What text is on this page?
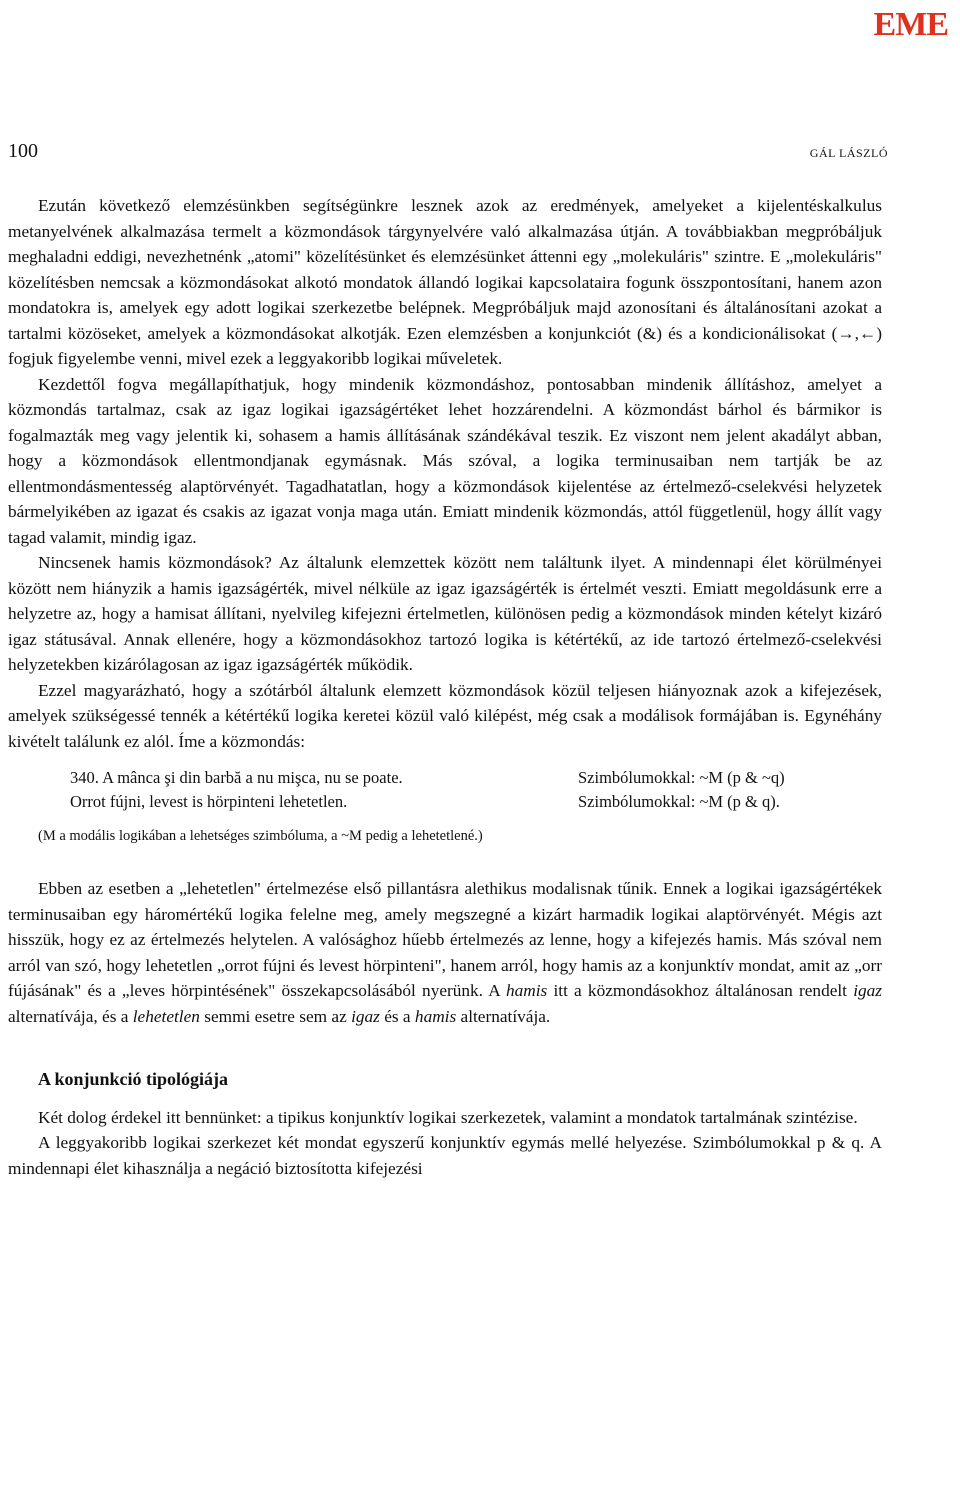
EME
100	GÁL LÁSZLÓ

Ezután következő elemzésünkben segítségünkre lesznek azok az eredmények, amelyeket a kijelentéskalkulus metanyelvének alkalmazása termelt a közmondások tárgynyelvére való alkalmazása útján. A továbbiakban megpróbáljuk meghaladni eddigi, nevezhetnénk „atomi" közelítésünket és elemzésünket áttenni egy „molekuláris" szintre. E „molekuláris" közelítésben nemcsak a közmondásokat alkotó mondatok állandó logikai kapcsolataira fogunk összpontosítani, hanem azon mondatokra is, amelyek egy adott logikai szerkezetbe belépnek. Megpróbáljuk majd azonosítani és általánosítani azokat a tartalmi közöseket, amelyek a közmondásokat alkotják. Ezen elemzésben a konjunkciót (&) és a kondicionálisokat (→,←) fogjuk figyelembe venni, mivel ezek a leggyakoribb logikai műveletek.

Kezdettől fogva megállapíthatjuk, hogy mindenik közmondáshoz, pontosabban mindenik állításhoz, amelyet a közmondás tartalmaz, csak az igaz logikai igazságértéket lehet hozzárendelni. A közmondást bárhol és bármikor is fogalmazták meg vagy jelentik ki, sohasem a hamis állításának szándékával teszik. Ez viszont nem jelent akadályt abban, hogy a közmondások ellentmondjanak egymásnak. Más szóval, a logika terminusaiban nem tartják be az ellentmondásmentesség alaptörvényét. Tagadhatatlan, hogy a közmondások kijelentése az értelmező-cselekvési helyzetek bármelyikében az igazat és csakis az igazat vonja maga után. Emiatt mindenik közmondás, attól függetlenül, hogy állít vagy tagad valamit, mindig igaz.

Nincsenek hamis közmondások? Az általunk elemzettek között nem találtunk ilyet. A mindennapi élet körülményei között nem hiányzik a hamis igazságérték, mivel nélküle az igaz igazságérték is értelmét veszti. Emiatt megoldásunk erre a helyzetre az, hogy a hamisat állítani, nyelvileg kifejezni értelmetlen, különösen pedig a közmondások minden kételyt kizáró igaz státusával. Annak ellenére, hogy a közmondásokhoz tartozó logika is kétértékű, az ide tartozó értelmező-cselekvési helyzetekben kizárólagosan az igaz igazságérték működik.

Ezzel magyarázható, hogy a szótárból általunk elemzett közmondások közül teljesen hiányoznak azok a kifejezések, amelyek szükségessé tennék a kétértékű logika keretei közül való kilépést, még csak a modálisok formájában is. Egynéhány kivételt találunk ez alól. Íme a közmondás:

340. A mânca şi din barbă a nu mişca, nu se poate.	Szimbólumokkal: ~M (p & ~q)
Orrot fújni, levest is hörpinteni lehetetlen.	Szimbólumokkal: ~M (p & q).
(M a modális logikában a lehetséges szimbóluma, a ~M pedig a lehetetlené.)

Ebben az esetben a „lehetetlen" értelmezése első pillantásra alethikus modalisnak tűnik. Ennek a logikai igazságértékek terminusaiban egy háromértékű logika felelne meg, amely megszegné a kizárt harmadik logikai alaptörvényét. Mégis azt hisszük, hogy ez az értelmezés helytelen. A valósághoz hűebb értelmezés az lenne, hogy a kifejezés hamis. Más szóval nem arról van szó, hogy lehetetlen „orrot fújni és levest hörpinteni", hanem arról, hogy hamis az a konjunktív mondat, amit az „orr fújásának" és a „leves hörpintésének" összekapcsolásából nyerünk. A hamis itt a közmondásokhoz általánosan rendelt igaz alternatívája, és a lehetetlen semmi esetre sem az igaz és a hamis alternatívája.

A konjunkció tipológiája

Két dolog érdekel itt bennünket: a tipikus konjunktív logikai szerkezetek, valamint a mondatok tartalmának szintézise.

A leggyakoribb logikai szerkezet két mondat egyszerű konjunktív egymás mellé helyezése. Szimbólumokkal p & q. A mindennapi élet kihasználja a negáció biztosította kifejezési
